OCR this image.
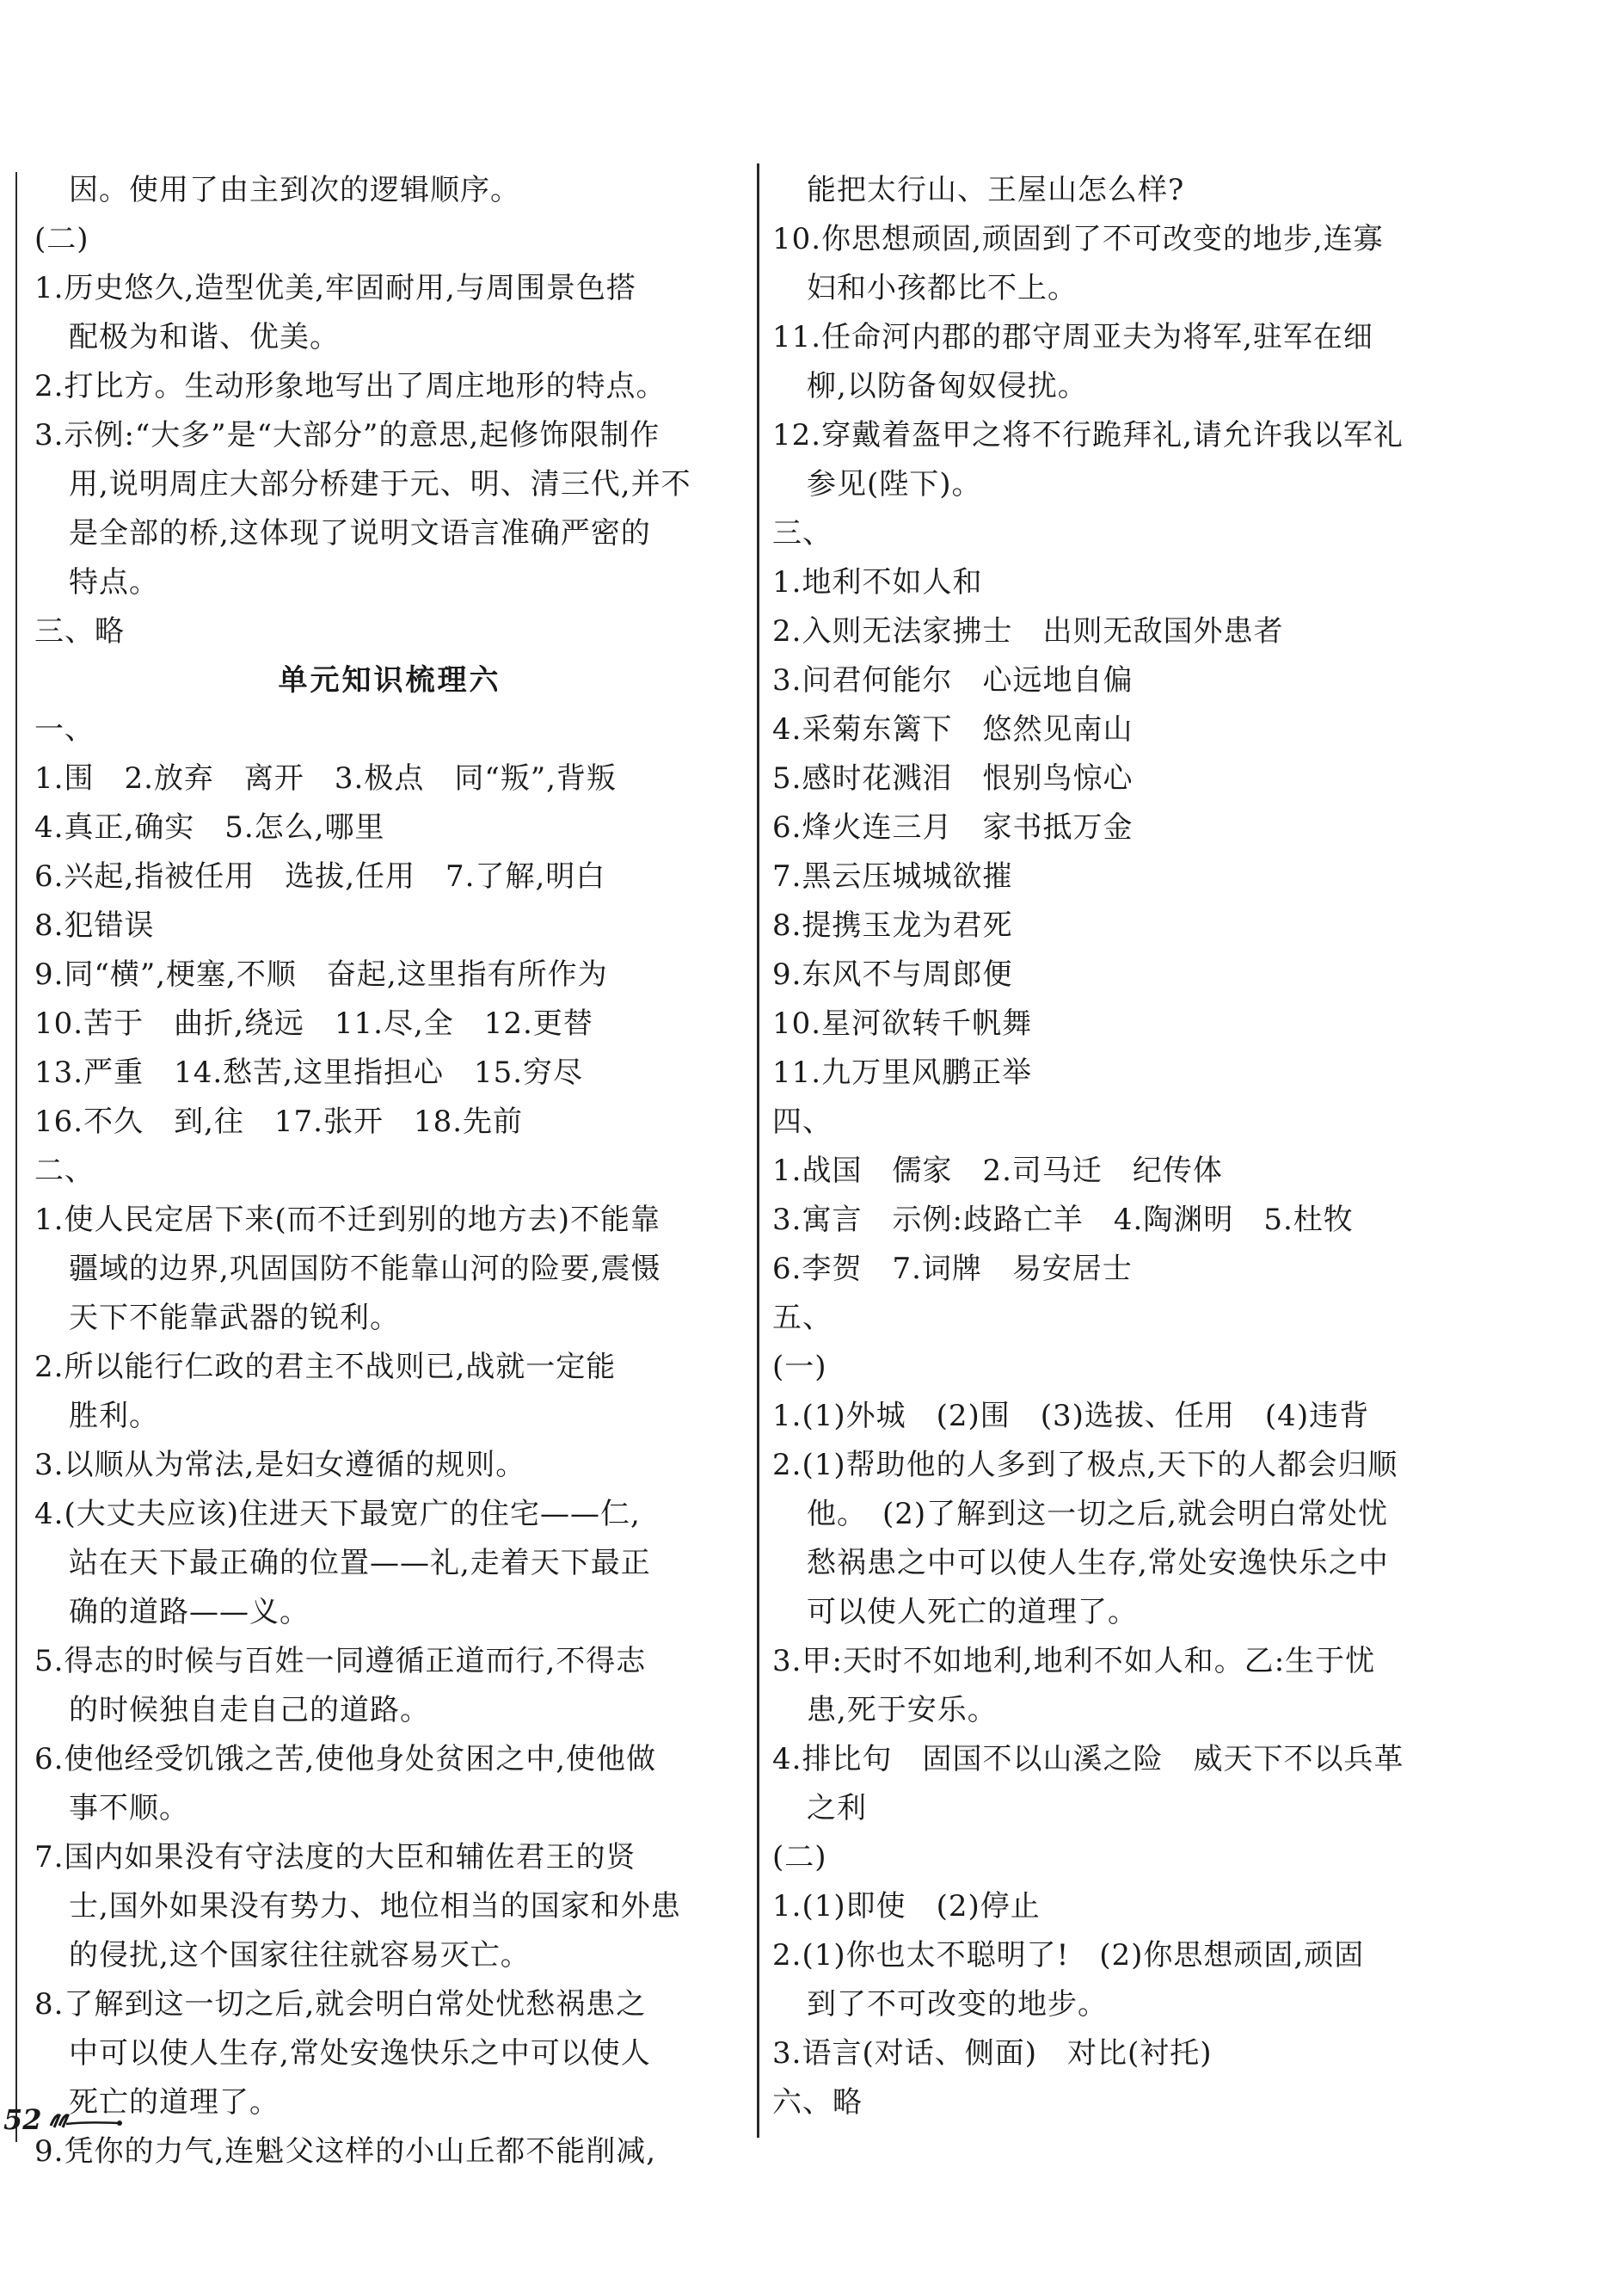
因。使用了由主到次的逻辑顺序。
(二)
1.历史悠久,造型优美,牢固耐用,与周围景色搭
配极为和谐、优美。
2.打比方。生动形象地写出了周庄地形的特点。
3.示例:“大多”是“大部分”的意思,起修饰限制作
用,说明周庄大部分桥建于元、明、清三代,并不
是全部的桥,这体现了说明文语言准确严密的
特点。
三、略
单元知识梳理六
一、
1.围　2.放弃　离开　3.极点　同“叛”,背叛
4.真正,确实　5.怎么,哪里
6.兴起,指被任用　选拔,任用　7.了解,明白
8.犯错误
9.同“横”,梗塞,不顺　奋起,这里指有所作为
10.苦于　曲折,绕远　11.尽,全　12.更替
13.严重　14.愁苦,这里指担心　15.穷尽
16.不久　到,往　17.张开　18.先前
二、
1.使人民定居下来(而不迁到别的地方去)不能靠
疆域的边界,巩固国防不能靠山河的险要,震慑
天下不能靠武器的锐利。
2.所以能行仁政的君主不战则已,战就一定能
胜利。
3.以顺从为常法,是妇女遵循的规则。
4.(大丈夫应该)住进天下最宽广的住宅——仁,
站在天下最正确的位置——礼,走着天下最正
确的道路——义。
5.得志的时候与百姓一同遵循正道而行,不得志
的时候独自走自己的道路。
6.使他经受饥饿之苦,使他身处贫困之中,使他做
事不顺。
7.国内如果没有守法度的大臣和辅佐君王的贤
士,国外如果没有势力、地位相当的国家和外患
的侵扰,这个国家往往就容易灭亡。
8.了解到这一切之后,就会明白常处忧愁祸患之
中可以使人生存,常处安逸快乐之中可以使人
死亡的道理了。
9.凭你的力气,连魁父这样的小山丘都不能削减,
能把太行山、王屋山怎么样?
10.你思想顽固,顽固到了不可改变的地步,连寡
妇和小孩都比不上。
11.任命河内郡的郡守周亚夫为将军,驻军在细
柳,以防备匈奴侵扰。
12.穿戴着盔甲之将不行跪拜礼,请允许我以军礼
参见(陛下)。
三、
1.地利不如人和
2.入则无法家拂士　出则无敌国外患者
3.问君何能尔　心远地自偏
4.采菊东篱下　悠然见南山
5.感时花溅泪　恨别鸟惊心
6.烽火连三月　家书抵万金
7.黑云压城城欲摧
8.提携玉龙为君死
9.东风不与周郎便
10.星河欲转千帆舞
11.九万里风鹏正举
四、
1.战国　儒家　2.司马迁　纪传体
3.寓言　示例:歧路亡羊　4.陶渊明　5.杜牧
6.李贺　7.词牌　易安居士
五、
(一)
1.(1)外城　(2)围　(3)选拔、任用　(4)违背
2.(1)帮助他的人多到了极点,天下的人都会归顺
他。　(2)了解到这一切之后,就会明白常处忧
愁祸患之中可以使人生存,常处安逸快乐之中
可以使人死亡的道理了。
3.甲:天时不如地利,地利不如人和。乙:生于忧
患,死于安乐。
4.排比句　固国不以山溪之险　威天下不以兵革
之利
(二)
1.(1)即使　(2)停止
2.(1)你也太不聪明了!　(2)你思想顽固,顽固
到了不可改变的地步。
3.语言(对话、侧面)　对比(衬托)
六、略
52
